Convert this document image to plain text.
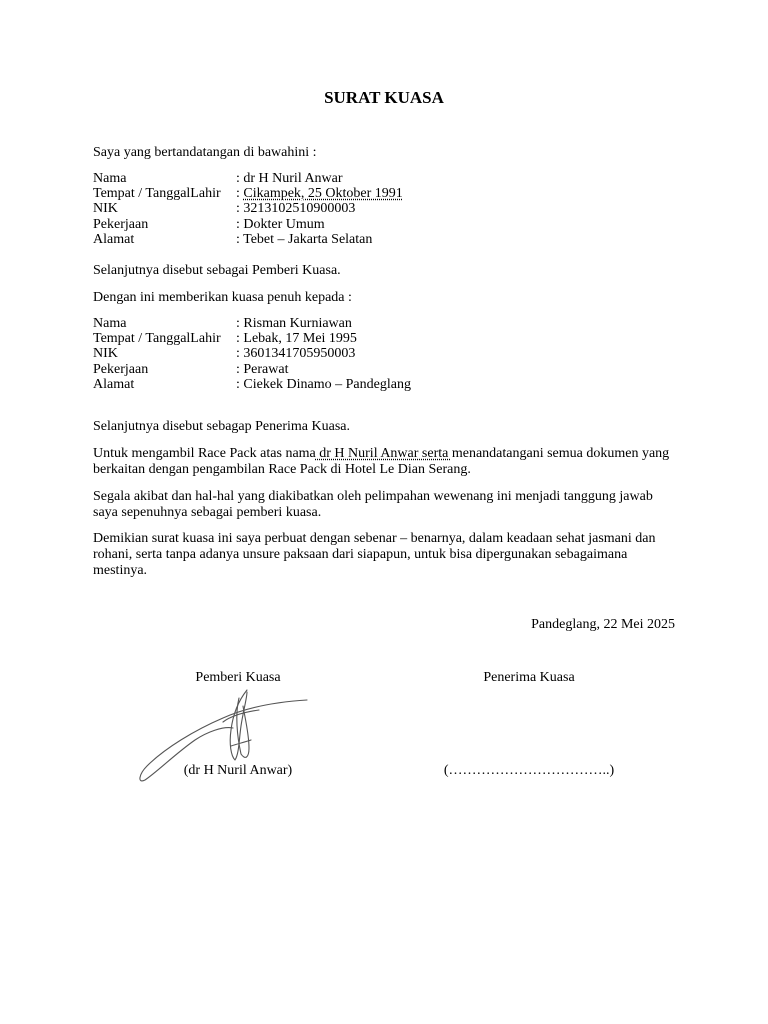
SURAT KUASA
Saya yang bertandatangan di bawahini :
Nama	: dr H Nuril Anwar
Tempat / TanggalLahir	: Cikampek, 25 Oktober 1991
NIK	: 3213102510900003
Pekerjaan	: Dokter Umum
Alamat	: Tebet – Jakarta Selatan
Selanjutnya disebut sebagai Pemberi Kuasa.
Dengan ini memberikan kuasa penuh kepada :
Nama	: Risman Kurniawan
Tempat / TanggalLahir	: Lebak, 17 Mei 1995
NIK	: 3601341705950003
Pekerjaan	: Perawat
Alamat	: Ciekek Dinamo – Pandeglang
Selanjutnya disebut sebagap Penerima Kuasa.
Untuk mengambil Race Pack atas nama dr H Nuril Anwar serta menandatangani semua dokumen yang berkaitan dengan pengambilan Race Pack di Hotel Le Dian Serang.
Segala akibat dan hal-hal yang diakibatkan oleh pelimpahan wewenang ini menjadi tanggung jawab saya sepenuhnya sebagai pemberi kuasa.
Demikian surat kuasa ini saya perbuat dengan sebenar – benarnya, dalam keadaan sehat jasmani dan rohani, serta tanpa adanya unsure paksaan dari siapapun, untuk bisa dipergunakan sebagaimana mestinya.
Pandeglang, 22 Mei 2025
Pemberi Kuasa	Penerima Kuasa
(dr H Nuril Anwar)	(……………………………..)
